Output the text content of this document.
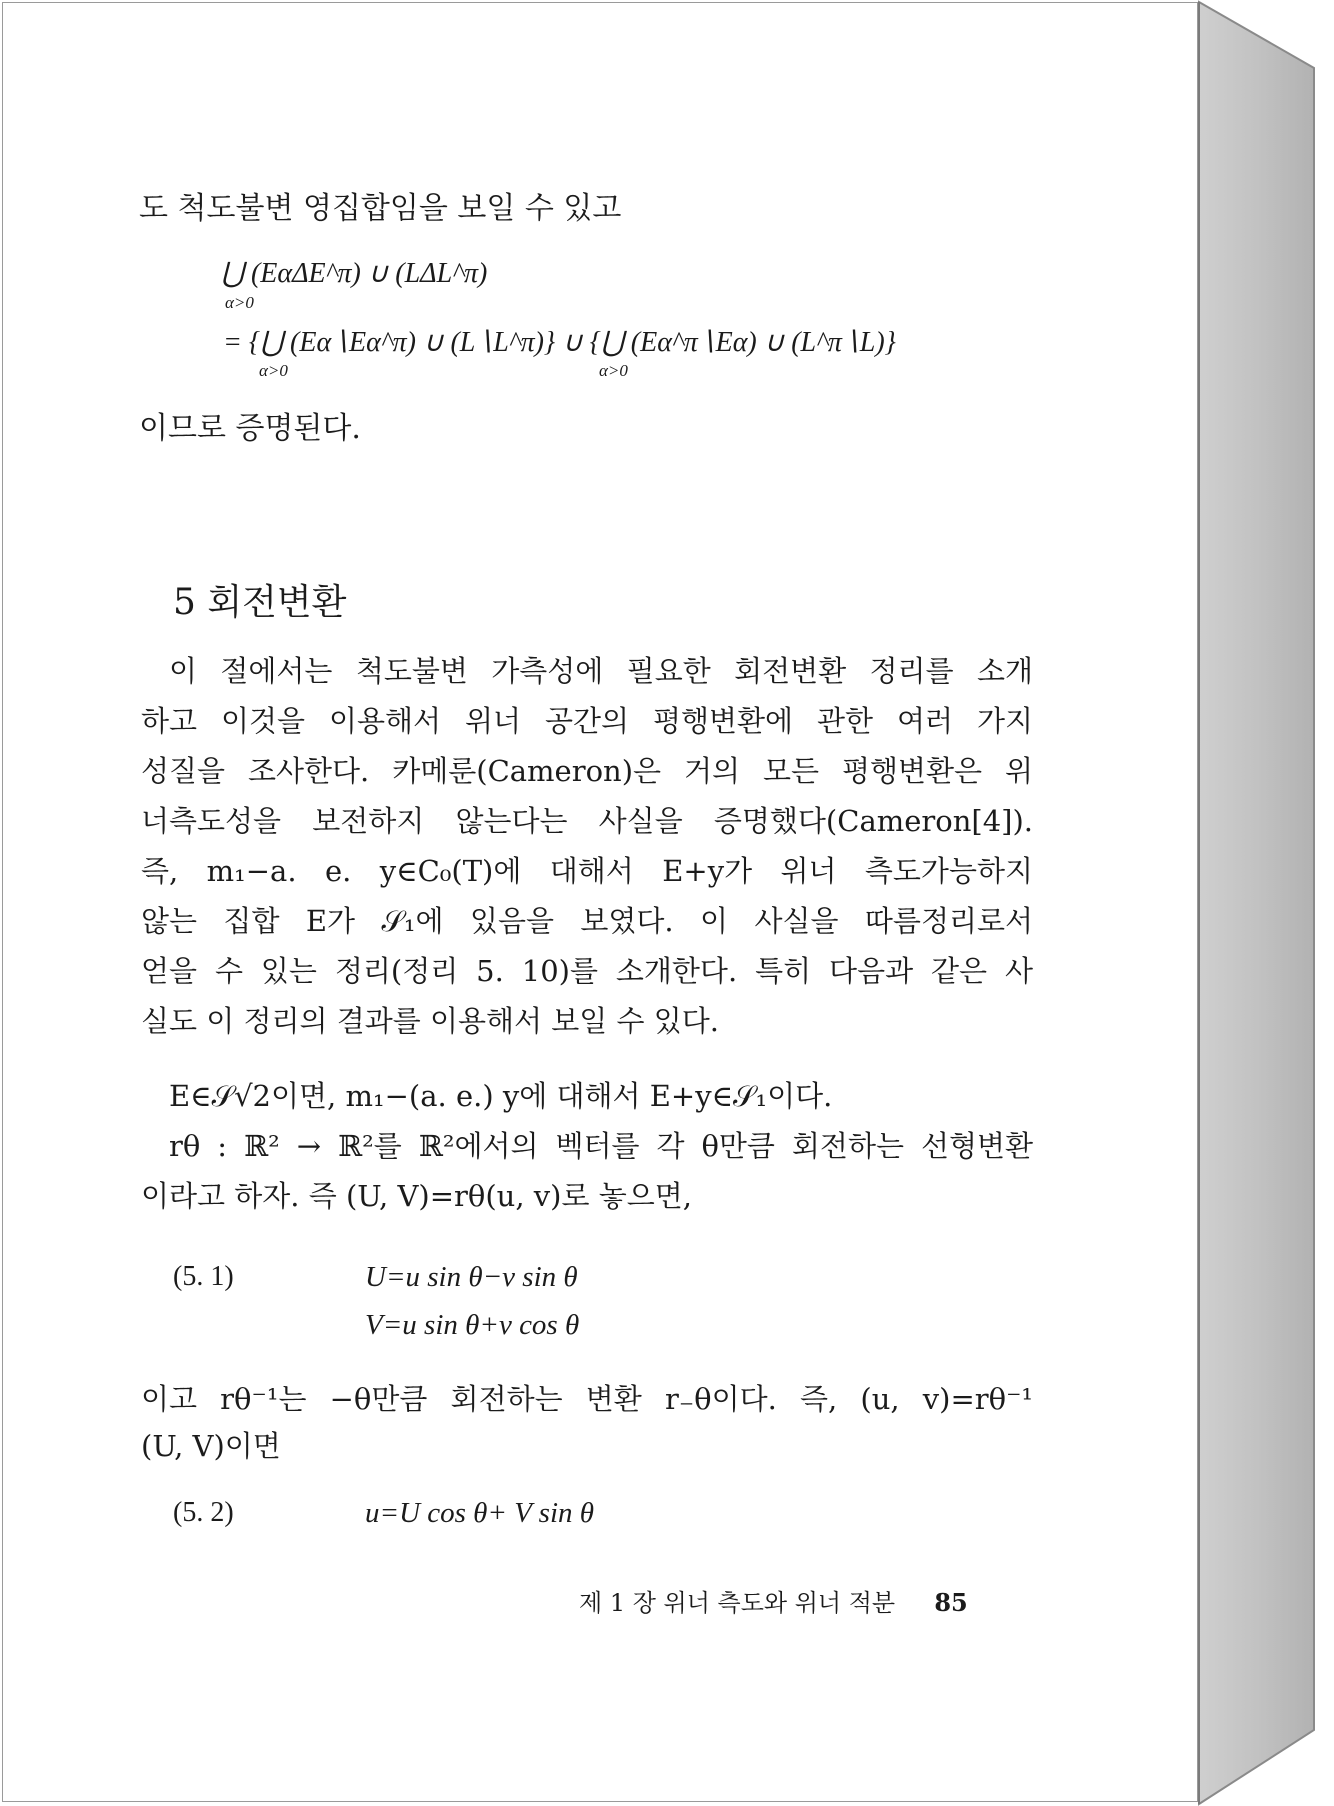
도 척도불변 영집합임을 보일 수 있고
⋃ (EαΔE^π) ∪ (LΔL^π)
α>0
= {⋃ (Eα∖Eα^π) ∪ (L∖L^π)} ∪ {⋃ (Eα^π∖Eα) ∪ (L^π∖L)}
α>0	α>0
이므로 증명된다.
5 회전변환
이 절에서는 척도불변 가측성에 필요한 회전변환 정리를 소개
하고 이것을 이용해서 위너 공간의 평행변환에 관한 여러 가지
성질을 조사한다. 카메룬(Cameron)은 거의 모든 평행변환은 위
너측도성을 보전하지 않는다는 사실을 증명했다(Cameron[4]).
즉, m₁−a. e. y∈C₀(T)에 대해서 E+y가 위너 측도가능하지
않는 집합 E가 𝒮₁에 있음을 보였다. 이 사실을 따름정리로서
얻을 수 있는 정리(정리 5. 10)를 소개한다. 특히 다음과 같은 사
실도 이 정리의 결과를 이용해서 보일 수 있다.
E∈𝒮√2이면, m₁−(a. e.) y에 대해서 E+y∈𝒮₁이다.
rθ : ℝ² → ℝ²를 ℝ²에서의 벡터를 각 θ만큼 회전하는 선형변환
이라고 하자. 즉 (U, V)=rθ(u, v)로 놓으면,
(5. 1)	U=u sin θ−v sin θ
V=u sin θ+v cos θ
이고 rθ⁻¹는 −θ만큼 회전하는 변환 r₋θ이다. 즉, (u, v)=rθ⁻¹
(U, V)이면
(5. 2)	u=U cos θ+ V sin θ
제 1 장 위너 측도와 위너 적분 85
